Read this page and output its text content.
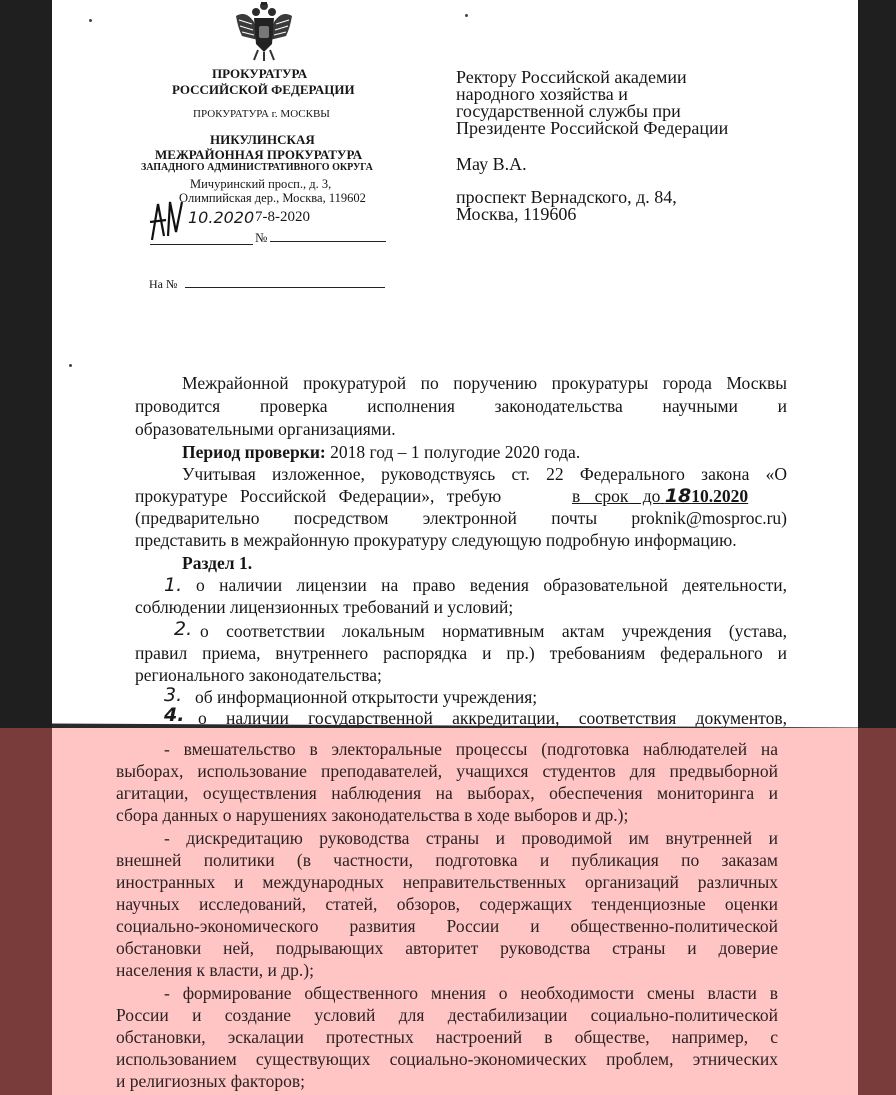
ПРОКУРАТУРА
РОССИЙСКОЙ ФЕДЕРАЦИИ
ПРОКУРАТУРА г. МОСКВЫ
НИКУЛИНСКАЯ
МЕЖРАЙОННАЯ ПРОКУРАТУРА
ЗАПАДНОГО АДМИНИСТРАТИВНОГО ОКРУГА
Мичуринский просп., д. 3,
Олимпийская дер., Москва, 119602
10.2020 7-8-2020
№
На №
Ректору Российской академии
народного хозяйства и
государственной службы при
Президенте Российской Федерации
Мау В.А.
проспект Вернадского, д. 84,
Москва, 119606
Межрайонной прокуратурой по поручению прокуратуры города Москвы
проводится проверка исполнения законодательства научными и
образовательными организациями.
Период проверки: 2018 год – 1 полугодие 2020 года.
Учитывая изложенное, руководствуясь ст. 22 Федерального закона «О
прокуратуре Российской Федерации», требую	в срок до 1810.2020
(предварительно посредством электронной почты proknik@mosproc.ru)
представить в межрайонную прокуратуру следующую подробную информацию.
Раздел 1.
1. о наличии лицензии на право ведения образовательной деятельности,
соблюдении лицензионных требований и условий;
2. о соответствии локальным нормативным актам учреждения (устава,
правил приема, внутреннего распорядка и пр.) требованиям федерального и
регионального законодательства;
3. об информационной открытости учреждения;
4. о наличии государственной аккредитации, соответствия документов,
- вмешательство в электоральные процессы (подготовка наблюдателей на
выборах, использование преподавателей, учащихся студентов для предвыборной
агитации, осуществления наблюдения на выборах, обеспечения мониторинга и
сбора данных о нарушениях законодательства в ходе выборов и др.);
- дискредитацию руководства страны и проводимой им внутренней и
внешней политики (в частности, подготовка и публикация по заказам
иностранных и международных неправительственных организаций различных
научных исследований, статей, обзоров, содержащих тенденциозные оценки
социально-экономического развития России и общественно-политической
обстановки ней, подрывающих авторитет руководства страны и доверие
населения к власти, и др.);
- формирование общественного мнения о необходимости смены власти в
России и создание условий для дестабилизации социально-политической
обстановки, эскалации протестных настроений в обществе, например, с
использованием существующих социально-экономических проблем, этнических
и религиозных факторов;
